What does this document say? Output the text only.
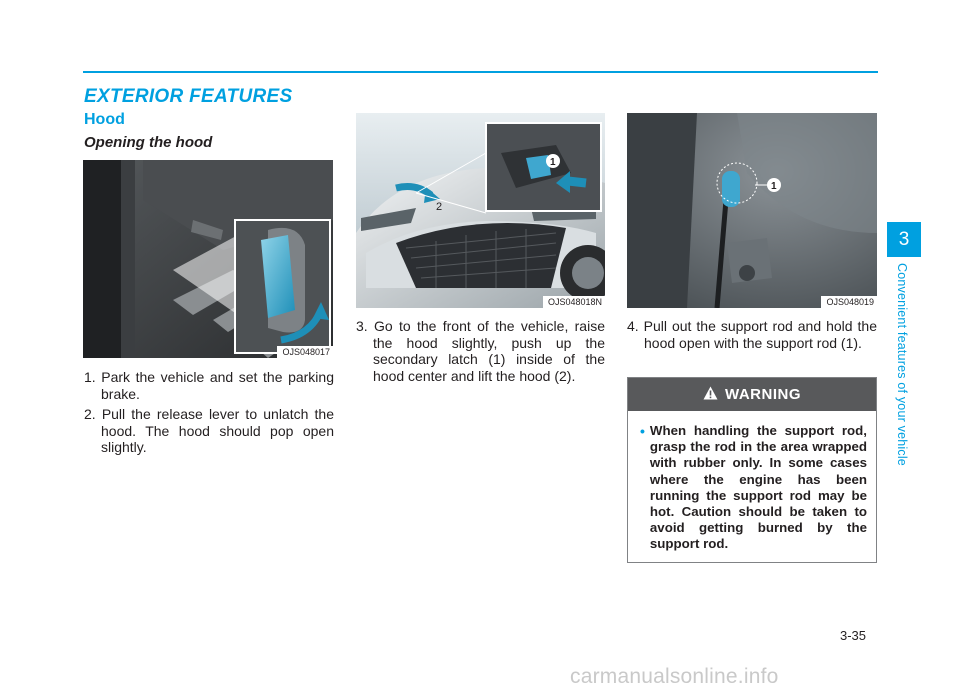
EXTERIOR FEATURES
Hood
Opening the hood
OJS048017
2
1
OJS048018N
1
OJS048019
1. Park the vehicle and set the parking brake.
2. Pull the release lever to unlatch the hood. The hood should pop open slightly.
3. Go to the front of the vehicle, raise the hood slightly, push up the secondary latch (1) inside of the hood center and lift the hood (2).
4. Pull out the support rod and hold the hood open with the support rod (1).
WARNING
• When handling the support rod, grasp the rod in the area wrapped with rubber only. In some cases where the engine has been running the support rod may be hot. Caution should be taken to avoid getting burned by the support rod.
3
Convenient features of your vehicle
3-35
carmanualsonline.info
